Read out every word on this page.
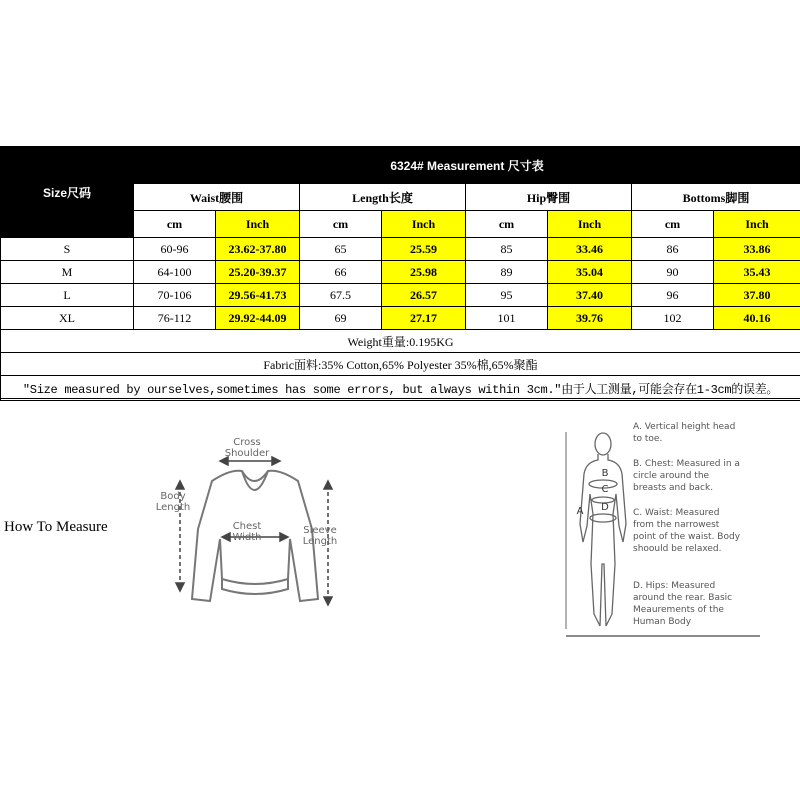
Size尺码	6324# Measurement 尺寸表							
	Waist腰围		Length长度		Hip臀围		Bottoms脚围	
	cm	Inch	cm	Inch	cm	Inch	cm	Inch
S	60-96	23.62-37.80	65	25.59	85	33.46	86	33.86
M	64-100	25.20-39.37	66	25.98	89	35.04	90	35.43
L	70-106	29.56-41.73	67.5	26.57	95	37.40	96	37.80
XL	76-112	29.92-44.09	69	27.17	101	39.76	102	40.16
Weight重量:0.195KG								
Fabric面料:35% Cotton,65% Polyester 35%棉,65%聚酯								
"Size measured by ourselves,sometimes has some errors, but always within 3cm."由于人工测量,可能会存在1-3cm的误差。								
How To Measure
Cross Shoulder
Body Length
Chest Width
Sleeve Length
A
B
C
D
A. Vertical height head to toe.
B. Chest: Measured in a circle around the breasts and back.
C. Waist: Measured from the narrowest point of the waist. Body shoould be relaxed.
D. Hips: Measured around the rear. Basic Meaurements of the Human Body
